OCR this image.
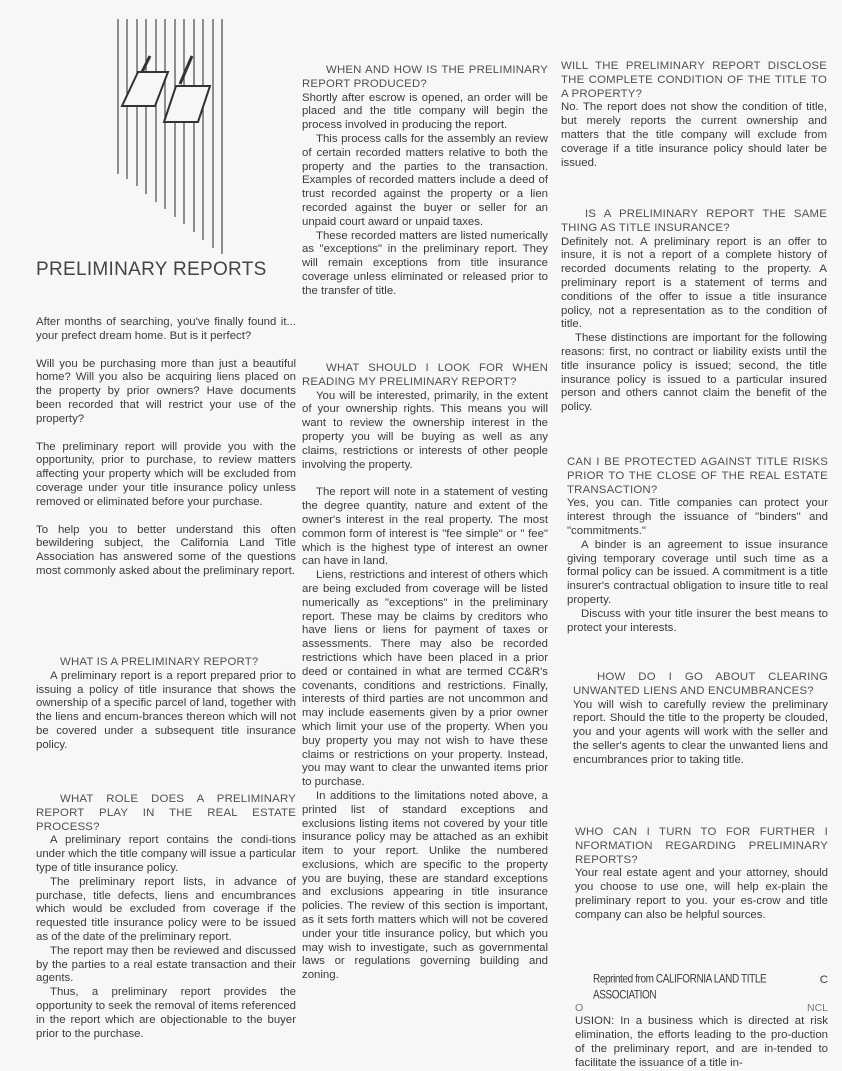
PRELIMINARY REPORTS

After months of searching, you've finally found it... your prefect dream home. But is it perfect?

Will you be purchasing more than just a beautiful home? Will you also be acquiring liens placed on the property by prior owners? Have documents been recorded that will restrict your use of the property?

The preliminary report will provide you with the opportunity, prior to purchase, to review matters affecting your property which will be excluded from coverage under your title insurance policy unless removed or eliminated before your purchase.

To help you to better understand this often bewildering subject, the California Land Title Association has answered some of the questions most commonly asked about the preliminary report.

WHAT IS A PRELIMINARY REPORT?

A preliminary report is a report prepared prior to issuing a policy of title insurance that shows the ownership of a specific parcel of land, together with the liens and encum-brances thereon which will not be covered under a subsequent title insurance policy.

WHAT ROLE DOES A PRELIMINARY REPORT PLAY IN THE REAL ESTATE PROCESS?

A preliminary report contains the condi-tions under which the title company will issue a particular type of title insurance policy.

The preliminary report lists, in advance of purchase, title defects, liens and encumbrances which would be excluded from coverage if the requested title insurance policy were to be issued as of the date of the preliminary report.

The report may then be reviewed and discussed by the parties to a real estate transaction and their agents.

Thus, a preliminary report provides the opportunity to seek the removal of items referenced in the report which are objectionable to the buyer prior to the purchase.

WHEN AND HOW IS THE PRELIMINARY REPORT PRODUCED?

Shortly after escrow is opened, an order will be placed and the title company will begin the process involved in producing the report.

This process calls for the assembly an review of certain recorded matters relative to both the property and the parties to the transaction. Examples of recorded matters include a deed of trust recorded against the property or a lien recorded against the buyer or seller for an unpaid court award or unpaid taxes.

These recorded matters are listed numerically as "exceptions" in the preliminary report. They will remain exceptions from title insurance coverage unless eliminated or released prior to the transfer of title.

WHAT SHOULD I LOOK FOR WHEN READING MY PRELIMINARY REPORT?

You will be interested, primarily, in the extent of your ownership rights. This means you will want to review the ownership interest in the property you will be buying as well as any claims, restrictions or interests of other people involving the property.

The report will note in a statement of vesting the degree quantity, nature and extent of the owner's interest in the real property. The most common form of interest is "fee simple" or " fee" which is the highest type of interest an owner can have in land.

Liens, restrictions and interest of others which are being excluded from coverage will be listed numerically as "exceptions" in the preliminary report. These may be claims by creditors who have liens or liens for payment of taxes or assessments. There may also be recorded restrictions which have been placed in a prior deed or contained in what are termed CC&R's covenants, conditions and restrictions. Finally, interests of third parties are not uncommon and may include easements given by a prior owner which limit your use of the property. When you buy property you may not wish to have these claims or restrictions on your property. Instead, you may want to clear the unwanted items prior to purchase.

In additions to the limitations noted above, a printed list of standard exceptions and exclusions listing items not covered by your title insurance policy may be attached as an exhibit item to your report. Unlike the numbered exclusions, which are specific to the property you are buying, these are standard exceptions and exclusions appearing in title insurance policies. The review of this section is important, as it sets forth matters which will not be covered under your title insurance policy, but which you may wish to investigate, such as governmental laws or regulations governing building and zoning.

WILL THE PRELIMINARY REPORT DISCLOSE THE COMPLETE CONDITION OF THE TITLE TO A PROPERTY?

No. The report does not show the condition of title, but merely reports the current ownership and matters that the title company will exclude from coverage if a title insurance policy should later be issued.

IS A PRELIMINARY REPORT THE SAME THING AS TITLE INSURANCE?

Definitely not. A preliminary report is an offer to insure, it is not a report of a complete history of recorded documents relating to the property. A preliminary report is a statement of terms and conditions of the offer to issue a title insurance policy, not a representation as to the condition of title.

These distinctions are important for the following reasons: first, no contract or liability exists until the title insurance policy is issued; second, the title insurance policy is issued to a particular insured person and others cannot claim the benefit of the policy.

CAN I BE PROTECTED AGAINST TITLE RISKS PRIOR TO THE CLOSE OF THE REAL ESTATE TRANSACTION?

Yes, you can. Title companies can protect your interest through the issuance of "binders" and "commitments."

A binder is an agreement to issue insurance giving temporary coverage until such time as a formal policy can be issued. A commitment is a title insurer's contractual obligation to insure title to real property.

Discuss with your title insurer the best means to protect your interests.

HOW DO I GO ABOUT CLEARING UNWANTED LIENS AND ENCUMBRANCES?

You will wish to carefully review the preliminary report. Should the title to the property be clouded, you and your agents will work with the seller and the seller's agents to clear the unwanted liens and encumbrances prior to taking title.

WHO CAN I TURN TO FOR FURTHER I NFORMATION REGARDING PRELIMINARY REPORTS?

Your real estate agent and your attorney, should you choose to use one, will help ex-plain the preliminary report to you. your es-crow and title company can also be helpful sources.

Reprinted from CALIFORNIA LAND TITLE ASSOCIATION
C
O	NCL

USION: In a business which is directed at risk elimination, the efforts leading to the pro-duction of the preliminary report, and are in-tended to facilitate the issuance of a title in-
